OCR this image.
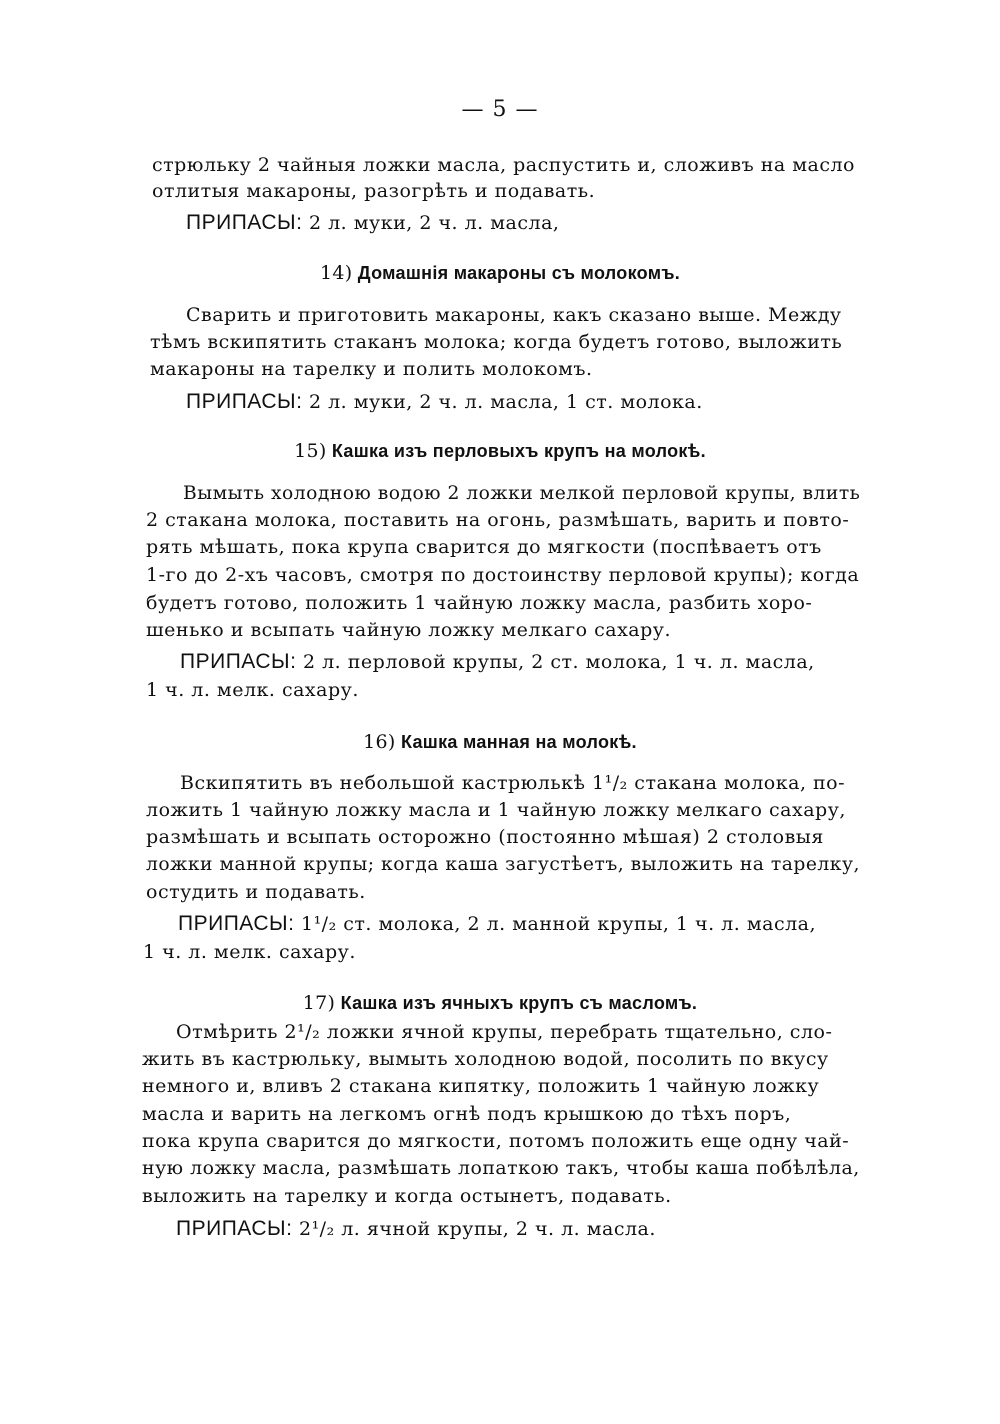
— 5 —
стрюльку 2 чайныя ложки масла, распустить и, сложивъ на масло
отлитыя макароны, разогрѣть и подавать.
ПРИПАСЫ: 2 л. муки, 2 ч. л. масла,
14) Домашнія макароны съ молокомъ.
Сварить и приготовить макароны, какъ сказано выше. Между
тѣмъ вскипятить стаканъ молока; когда будетъ готово, выложить
макароны на тарелку и полить молокомъ.
ПРИПАСЫ: 2 л. муки, 2 ч. л. масла, 1 ст. молока.
15) Кашка изъ перловыхъ крупъ на молокѣ.
Вымыть холодною водою 2 ложки мелкой перловой крупы, влить
2 стакана молока, поставить на огонь, размѣшать, варить и повто-
рять мѣшать, пока крупа сварится до мягкости (поспѣваетъ отъ
1-го до 2-хъ часовъ, смотря по достоинству перловой крупы); когда
будетъ готово, положить 1 чайную ложку масла, разбить хоро-
шенько и всыпать чайную ложку мелкаго сахару.
ПРИПАСЫ: 2 л. перловой крупы, 2 ст. молока, 1 ч. л. масла,
1 ч. л. мелк. сахару.
16) Кашка манная на молокѣ.
Вскипятить въ небольшой кастрюлькѣ 1¹/₂ стакана молока, по-
ложить 1 чайную ложку масла и 1 чайную ложку мелкаго сахару,
размѣшать и всыпать осторожно (постоянно мѣшая) 2 столовыя
ложки манной крупы; когда каша загустѣетъ, выложить на тарелку,
остудить и подавать.
ПРИПАСЫ: 1¹/₂ ст. молока, 2 л. манной крупы, 1 ч. л. масла,
1 ч. л. мелк. сахару.
17) Кашка изъ ячныхъ крупъ съ масломъ.
Отмѣрить 2¹/₂ ложки ячной крупы, перебрать тщательно, сло-
жить въ кастрюльку, вымыть холодною водой, посолить по вкусу
немного и, вливъ 2 стакана кипятку, положить 1 чайную ложку
масла и варить на легкомъ огнѣ подъ крышкою до тѣхъ поръ,
пока крупа сварится до мягкости, потомъ положить еще одну чай-
ную ложку масла, размѣшать лопаткою такъ, чтобы каша побѣлѣла,
выложить на тарелку и когда остынетъ, подавать.
ПРИПАСЫ: 2¹/₂ л. ячной крупы, 2 ч. л. масла.
